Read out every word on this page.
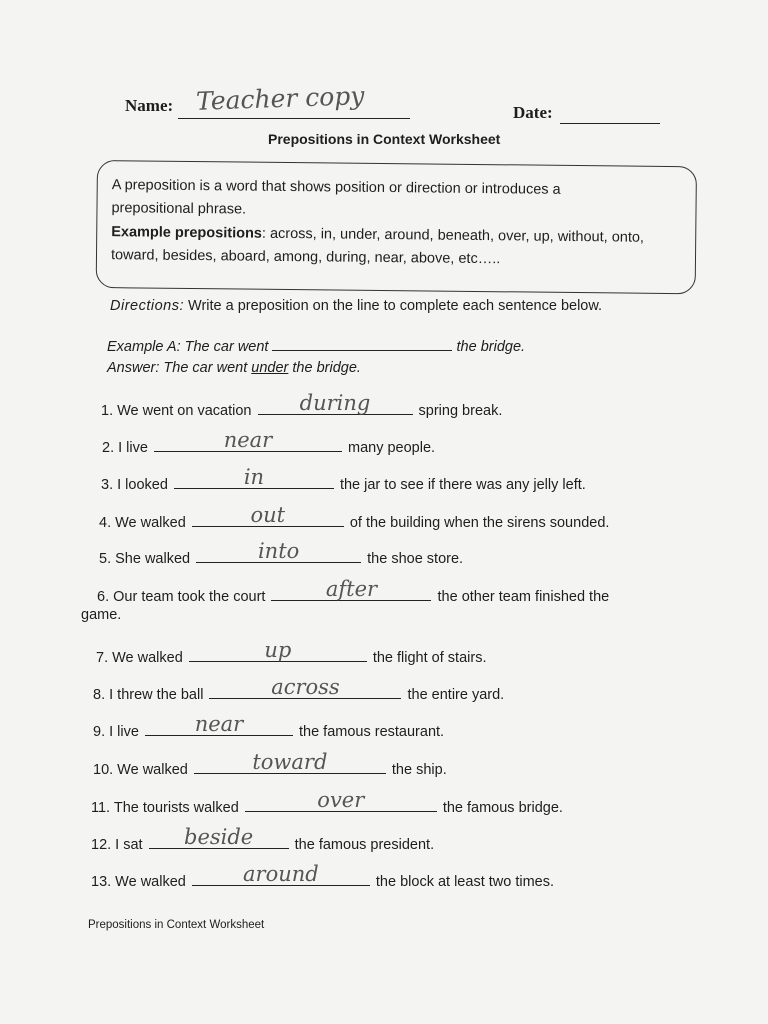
Name: Teacher copy	Date:
Prepositions in Context Worksheet

A preposition is a word that shows position or direction or introduces a

prepositional phrase.

Example prepositions: across, in, under, around, beneath, over, up, without, onto,

toward, besides, aboard, among, during, near, above, etc…..

Directions: Write a preposition on the line to complete each sentence below.
Example A: The car went	the bridge.
Answer: The car went under the bridge.
1. We went on vacation	during	spring break.
2. I live	near	many people.
3. I looked	in	the jar to see if there was any jelly left.
4. We walked	out	of the building when the sirens sounded.
5. She walked	into	the shoe store.
6. Our team took the court	after	the other team finished the
game.
7. We walked	up	the flight of stairs.
8. I threw the ball	across	the entire yard.
9. I live	near	the famous restaurant.
10. We walked	toward	the ship.
11. The tourists walked	over	the famous bridge.
12. I sat	beside	the famous president.
13. We walked	around	the block at least two times.
Prepositions in Context Worksheet
